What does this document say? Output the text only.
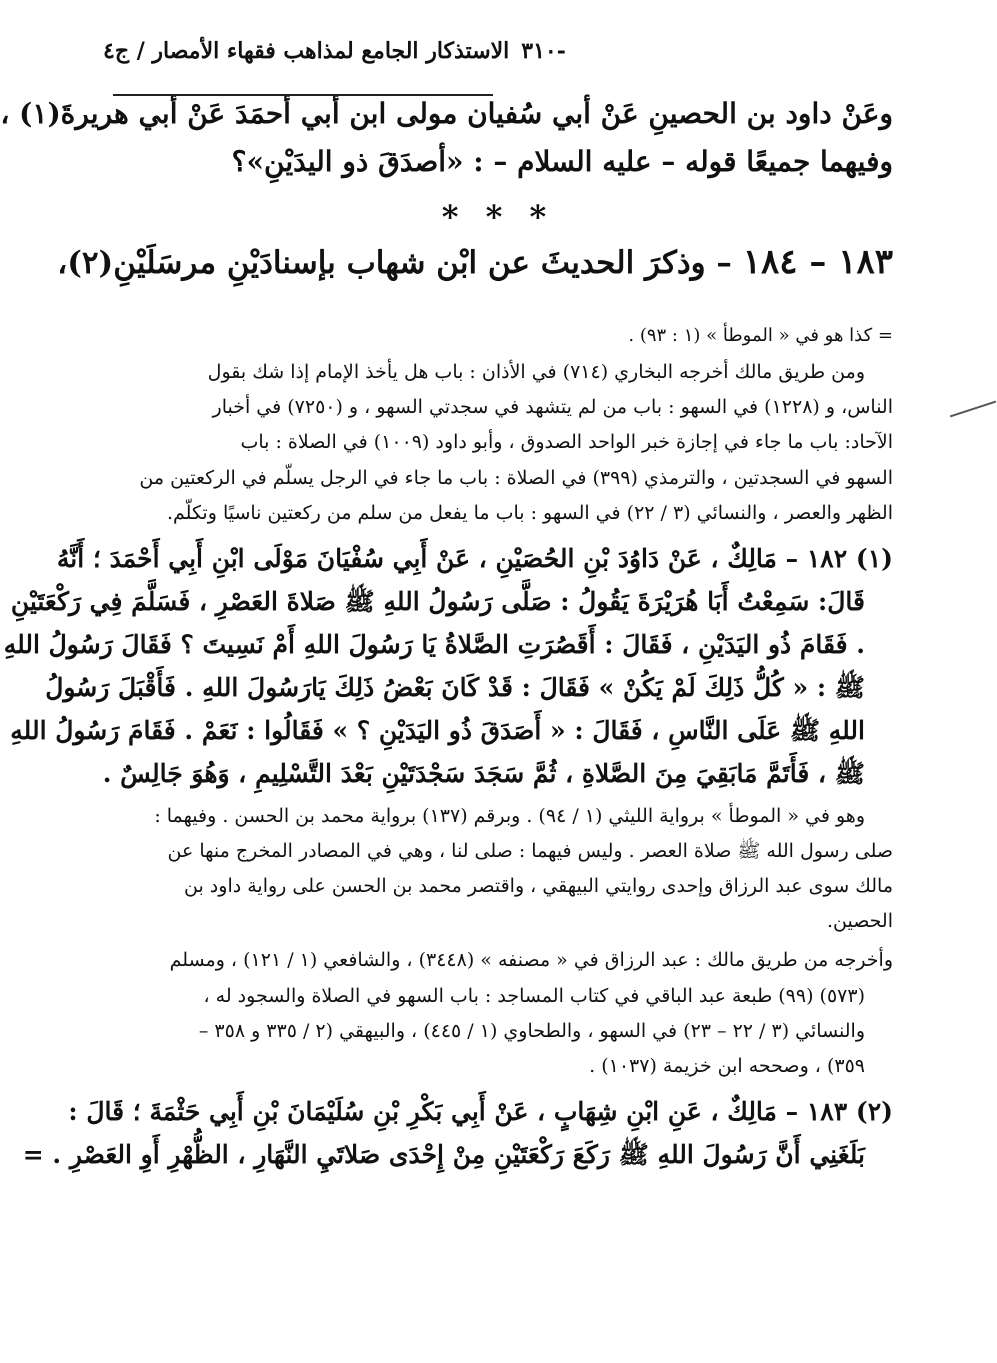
-٣١٠
الاستذكار الجامع لمذاهب فقهاء الأمصار / ج٤
وعَنْ داود بن الحصينِ عَنْ أبي سُفيان مولى ابن أبي أحمَدَ عَنْ أبي هريرةَ(١) ،
وفيهما جميعًا قوله – عليه السلام – : «أصدَقَ ذو اليدَيْنِ»؟
* * *
١٨٣ – ١٨٤ – وذكرَ الحديثَ عن ابْن شهاب بإسنادَيْنِ مرسَلَيْنِ(٢)،
= كذا هو في « الموطأ » (١ : ٩٣) .
ومن طريق مالك أخرجه البخاري (٧١٤) في الأذان : باب هل يأخذ الإمام إذا شك بقول
الناس، و (١٢٢٨) في السهو : باب من لم يتشهد في سجدتي السهو ، و (٧٢٥٠) في أخبار
الآحاد: باب ما جاء في إجازة خبر الواحد الصدوق ، وأبو داود (١٠٠٩) في الصلاة : باب
السهو في السجدتين ، والترمذي (٣٩٩) في الصلاة : باب ما جاء في الرجل يسلّم في الركعتين من
الظهر والعصر ، والنسائي (٣ / ٢٢) في السهو : باب ما يفعل من سلم من ركعتين ناسيًا وتكلّم.
(١) ١٨٢ – مَالِكٌ ، عَنْ دَاوُدَ بْنِ الحُصَيْنِ ، عَنْ أَبِي سُفْيَانَ مَوْلَى ابْنِ أَبِي أَحْمَدَ ؛ أَنَّهُ
قَالَ: سَمِعْتُ أَبَا هُرَيْرَةَ يَقُولُ : صَلَّى رَسُولُ اللهِ ﷺ صَلاةَ العَصْرِ ، فَسَلَّمَ فِي رَكْعَتَيْنِ
. فَقَامَ ذُو اليَدَيْنِ ، فَقَالَ : أَقَصُرَتِ الصَّلاةُ يَا رَسُولَ اللهِ أَمْ نَسِيتَ ؟ فَقَالَ رَسُولُ اللهِ
ﷺ : « كُلُّ ذَلِكَ لَمْ يَكُنْ » فَقَالَ : قَدْ كَانَ بَعْضُ ذَلِكَ يَارَسُولَ اللهِ . فَأَقْبَلَ رَسُولُ
اللهِ ﷺ عَلَى النَّاسِ ، فَقَالَ : « أَصَدَقَ ذُو اليَدَيْنِ ؟ » فَقَالُوا : نَعَمْ . فَقَامَ رَسُولُ اللهِ
ﷺ ، فَأَتَمَّ مَابَقِيَ مِنَ الصَّلاةِ ، ثُمَّ سَجَدَ سَجْدَتَيْنِ بَعْدَ التَّسْلِيمِ ، وَهُوَ جَالِسٌ .
وهو في « الموطأ » برواية الليثي (١ / ٩٤) . وبرقم (١٣٧) برواية محمد بن الحسن . وفيهما :
صلى رسول الله ﷺ صلاة العصر . وليس فيهما : صلى لنا ، وهي في المصادر المخرج منها عن
مالك سوى عبد الرزاق وإحدى روايتي البيهقي ، واقتصر محمد بن الحسن على رواية داود بن
الحصين.
وأخرجه من طريق مالك : عبد الرزاق في « مصنفه » (٣٤٤٨) ، والشافعي (١ / ١٢١) ، ومسلم
(٥٧٣) (٩٩) طبعة عبد الباقي في كتاب المساجد : باب السهو في الصلاة والسجود له ،
والنسائي (٣ / ٢٢ – ٢٣) في السهو ، والطحاوي (١ / ٤٤٥) ، والبيهقي (٢ / ٣٣٥ و ٣٥٨ –
٣٥٩) ، وصححه ابن خزيمة (١٠٣٧) .
(٢) ١٨٣ – مَالِكٌ ، عَنِ ابْنِ شِهَابٍ ، عَنْ أَبِي بَكْرِ بْنِ سُلَيْمَانَ بْنِ أَبِي حَثْمَةَ ؛ قَالَ :
بَلَغَنِي أَنَّ رَسُولَ اللهِ ﷺ رَكَعَ رَكْعَتَيْنِ مِنْ إِحْدَى صَلاتَيِ النَّهَارِ ، الظُّهْرِ أَوِ العَصْرِ . =
